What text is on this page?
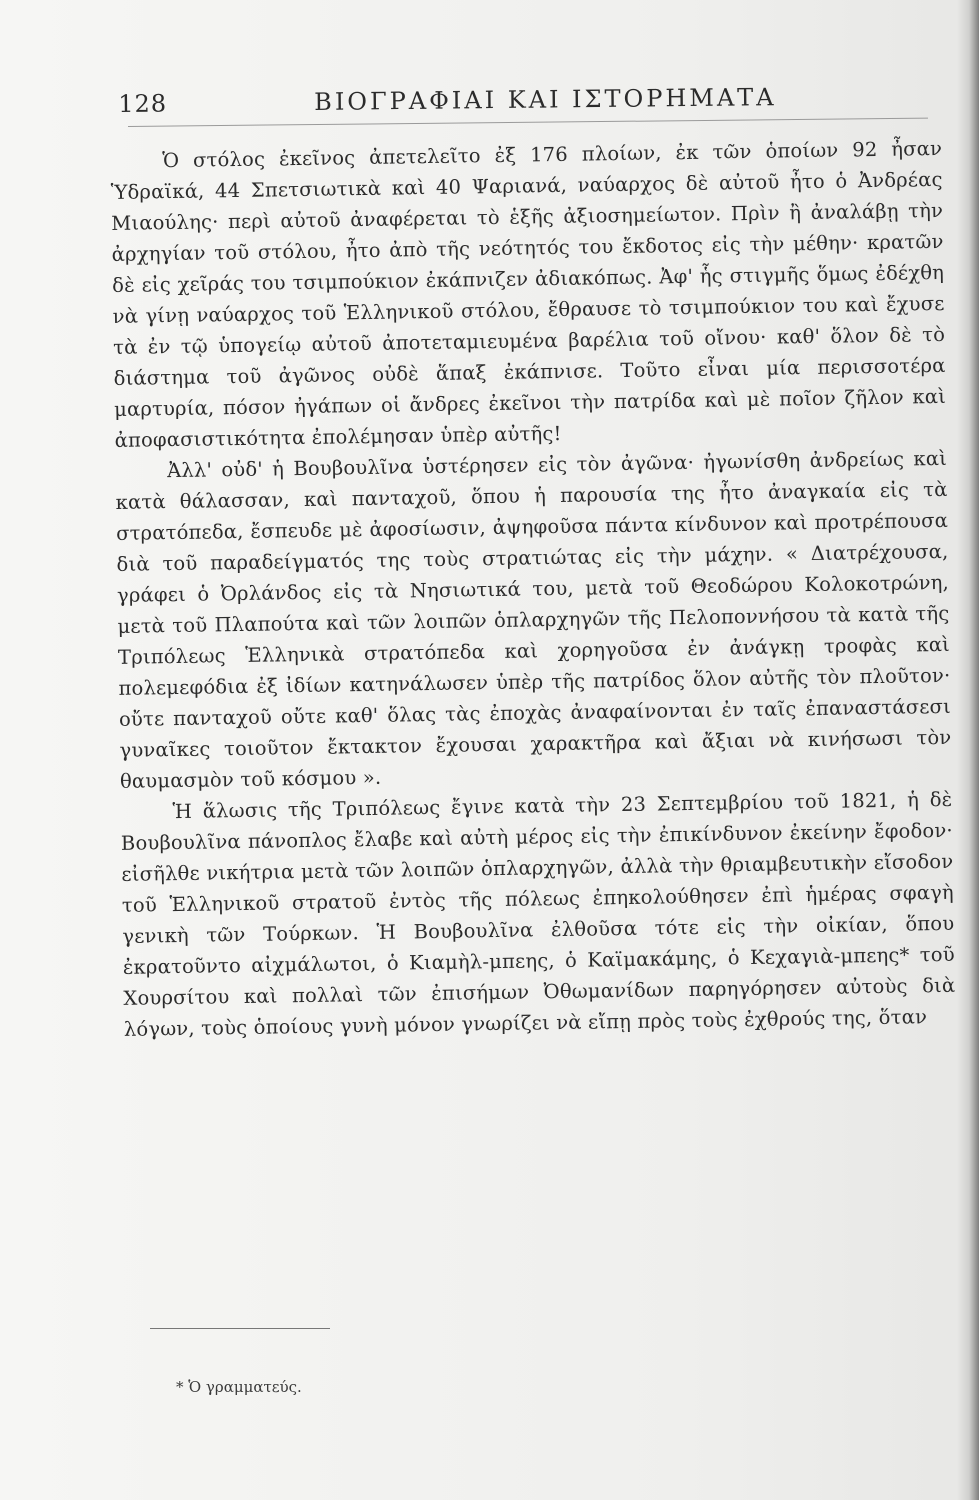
128	ΒΙΟΓΡΑΦΙΑΙ ΚΑΙ ΙΣΤΟΡΗΜΑΤΑ

Ὁ στόλος ἐκεῖνος ἀπετελεῖτο ἐξ 176 πλοίων, ἐκ τῶν ὁποίων 92 ἦσαν Ὑδραϊκά, 44 Σπετσιωτικὰ καὶ 40 Ψαριανά, ναύαρχος δὲ αὐτοῦ ἦτο ὁ Ἀνδρέας Μιαούλης· περὶ αὐτοῦ ἀναφέρεται τὸ ἑξῆς ἀξιοσημείωτον. Πρὶν ἢ ἀναλάβῃ τὴν ἀρχηγίαν τοῦ στόλου, ἦτο ἀπὸ τῆς νεότητός του ἔκδοτος εἰς τὴν μέθην· κρατῶν δὲ εἰς χεῖράς του τσιμπούκιον ἐκάπνιζεν ἀδιακόπως. Ἀφ' ἧς στιγμῆς ὅμως ἐδέχθη νὰ γίνῃ ναύαρχος τοῦ Ἑλληνικοῦ στόλου, ἔθραυσε τὸ τσιμπούκιον του καὶ ἔχυσε τὰ ἐν τῷ ὑπογείῳ αὐτοῦ ἀποτεταμιευμένα βαρέλια τοῦ οἴνου· καθ' ὅλον δὲ τὸ διάστημα τοῦ ἀγῶνος οὐδὲ ἅπαξ ἐκάπνισε. Τοῦτο εἶναι μία περισσοτέρα μαρτυρία, πόσον ἠγάπων οἱ ἄνδρες ἐκεῖνοι τὴν πατρίδα καὶ μὲ ποῖον ζῆλον καὶ ἀποφασιστικότητα ἐπολέμησαν ὑπὲρ αὐτῆς!

Ἀλλ' οὐδ' ἡ Βουβουλῖνα ὑστέρησεν εἰς τὸν ἀγῶνα· ἠγωνίσθη ἀνδρείως καὶ κατὰ θάλασσαν, καὶ πανταχοῦ, ὅπου ἡ παρουσία της ἦτο ἀναγκαία εἰς τὰ στρατόπεδα, ἔσπευδε μὲ ἀφοσίωσιν, ἀψηφοῦσα πάντα κίνδυνον καὶ προτρέπουσα διὰ τοῦ παραδείγματός της τοὺς στρατιώτας εἰς τὴν μάχην. « Διατρέχουσα, γράφει ὁ Ὀρλάνδος εἰς τὰ Νησιωτικά του, μετὰ τοῦ Θεοδώρου Κολοκοτρώνη, μετὰ τοῦ Πλαπούτα καὶ τῶν λοιπῶν ὁπλαρχηγῶν τῆς Πελοποννήσου τὰ κατὰ τῆς Τριπόλεως Ἑλληνικὰ στρατόπεδα καὶ χορηγοῦσα ἐν ἀνάγκῃ τροφὰς καὶ πολεμεφόδια ἐξ ἰδίων κατηνάλωσεν ὑπὲρ τῆς πατρίδος ὅλον αὐτῆς τὸν πλοῦτον· οὔτε πανταχοῦ οὔτε καθ' ὅλας τὰς ἐποχὰς ἀναφαίνονται ἐν ταῖς ἐπαναστάσεσι γυναῖκες τοιοῦτον ἔκτακτον ἔχουσαι χαρακτῆρα καὶ ἄξιαι νὰ κινήσωσι τὸν θαυμασμὸν τοῦ κόσμου ».

Ἡ ἅλωσις τῆς Τριπόλεως ἔγινε κατὰ τὴν 23 Σεπτεμβρίου τοῦ 1821, ἡ δὲ Βουβουλῖνα πάνοπλος ἔλαβε καὶ αὐτὴ μέρος εἰς τὴν ἐπικίνδυνον ἐκείνην ἔφοδον· εἰσῆλθε νικήτρια μετὰ τῶν λοιπῶν ὁπλαρχηγῶν, ἀλλὰ τὴν θριαμβευτικὴν εἴσοδον τοῦ Ἑλληνικοῦ στρατοῦ ἐντὸς τῆς πόλεως ἐπηκολούθησεν ἐπὶ ἡμέρας σφαγὴ γενικὴ τῶν Τούρκων. Ἡ Βουβουλῖνα ἐλθοῦσα τότε εἰς τὴν οἰκίαν, ὅπου ἐκρατοῦντο αἰχμάλωτοι, ὁ Κιαμὴλ-μπεης, ὁ Καϊμακάμης, ὁ Κεχαγιὰ-μπεης* τοῦ Χουρσίτου καὶ πολλαὶ τῶν ἐπισήμων Ὀθωμανίδων παρηγόρησεν αὐτοὺς διὰ λόγων, τοὺς ὁποίους γυνὴ μόνον γνωρίζει νὰ εἴπῃ πρὸς τοὺς ἐχθρούς της, ὅταν

* Ὁ γραμματεύς.
